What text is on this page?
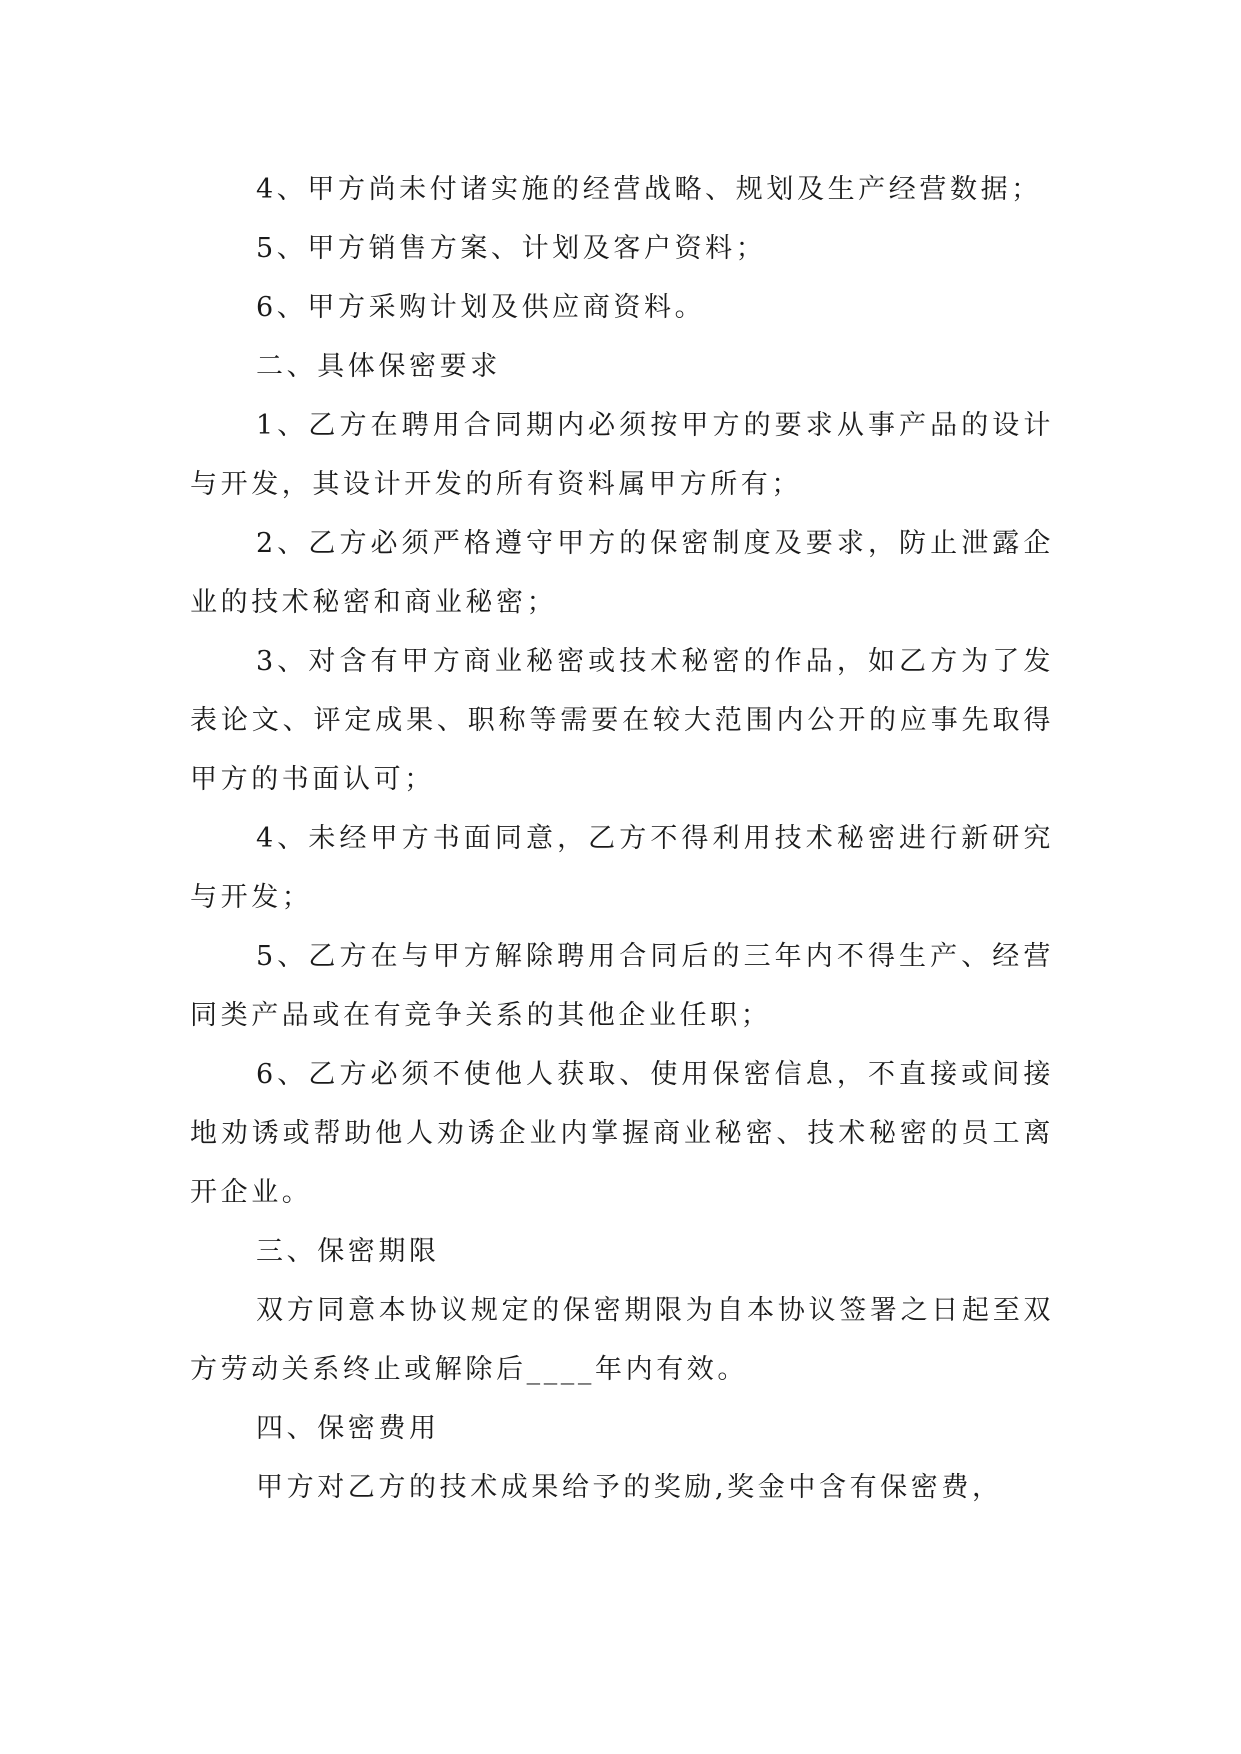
4、甲方尚未付诸实施的经营战略、规划及生产经营数据；

5、甲方销售方案、计划及客户资料；

6、甲方采购计划及供应商资料。

二、具体保密要求

1、乙方在聘用合同期内必须按甲方的要求从事产品的设计与开发，其设计开发的所有资料属甲方所有；

2、乙方必须严格遵守甲方的保密制度及要求，防止泄露企业的技术秘密和商业秘密；

3、对含有甲方商业秘密或技术秘密的作品，如乙方为了发表论文、评定成果、职称等需要在较大范围内公开的应事先取得甲方的书面认可；

4、未经甲方书面同意，乙方不得利用技术秘密进行新研究与开发；

5、乙方在与甲方解除聘用合同后的三年内不得生产、经营同类产品或在有竞争关系的其他企业任职；

6、乙方必须不使他人获取、使用保密信息，不直接或间接地劝诱或帮助他人劝诱企业内掌握商业秘密、技术秘密的员工离开企业。

三、保密期限

双方同意本协议规定的保密期限为自本协议签署之日起至双方劳动关系终止或解除后____年内有效。

四、保密费用

甲方对乙方的技术成果给予的奖励,奖金中含有保密费，
